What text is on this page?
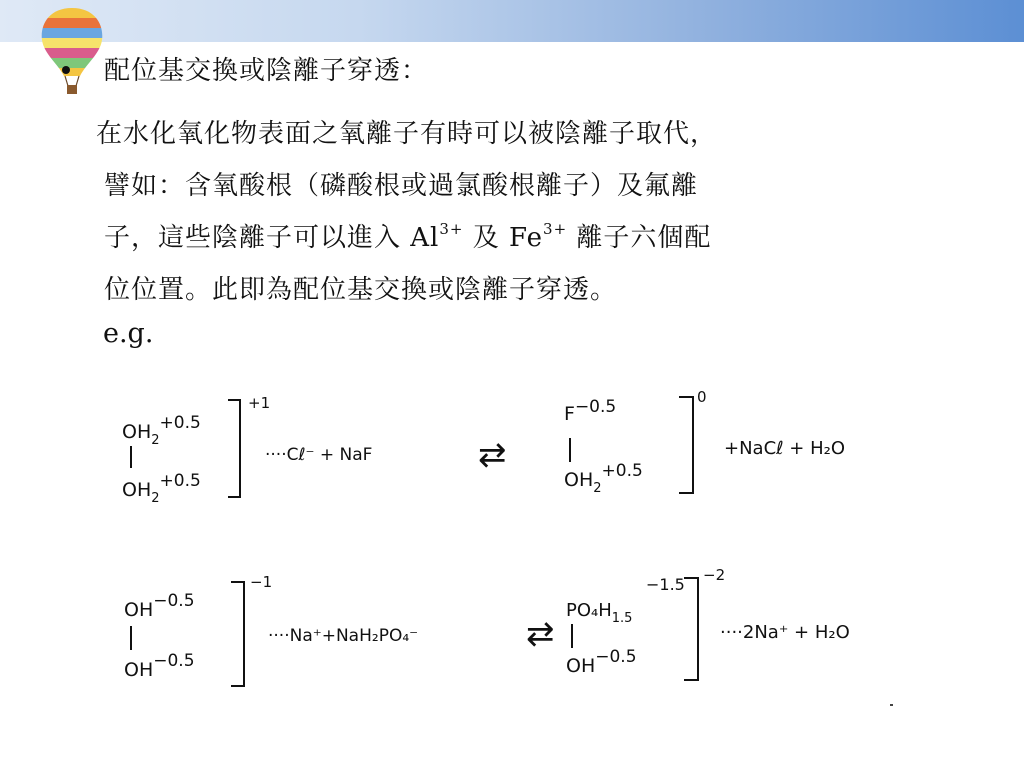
配位基交換或陰離子穿透：
在水化氧化物表面之氧離子有時可以被陰離子取代，
譬如：含氧酸根（磷酸根或過氯酸根離子）及氟離
子，這些陰離子可以進入 $Al^{3+}$ 及 $Fe^{3+}$ 離子六個配
位位置。此即為配位基交換或陰離子穿透。
e.g.
$OH_2+0.5$
$OH_2+0.5$
+1
····Cℓ⁻ + NaF	⇄
F−0.5
$OH_2+0.5$
0
+NaCℓ + H₂O
OH−0.5
OH−0.5
−1
····Na⁺+NaH₂PO₄⁻	⇄
$PO_4H_{1.5}$
−1.5
OH−0.5
−2
····2Na⁺ + H₂O
